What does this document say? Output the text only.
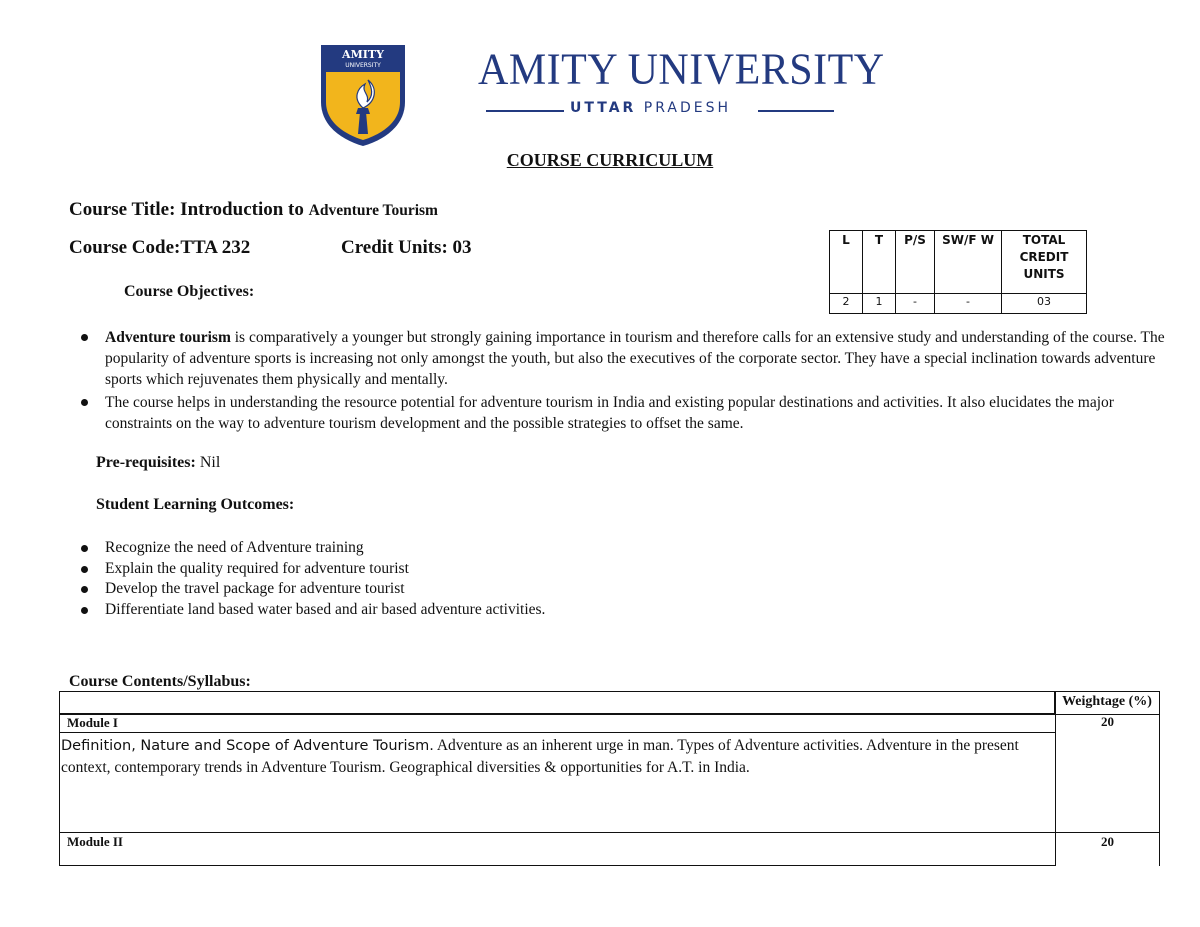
AMITY
UNIVERSITY AMITY UNIVERSITY
UTTAR PRADESH
COURSE CURRICULUM
Course Title: Introduction to Adventure Tourism
Course Code:TTA 232	Credit Units: 03
Course Objectives:
L	T	P/S	SW/F W	TOTAL CREDIT UNITS
2	1	-	-	03
Adventure tourism is comparatively a younger but strongly gaining importance in tourism and therefore calls for an extensive study and understanding of the course. The popularity of adventure sports is increasing not only amongst the youth, but also the executives of the corporate sector. They have a special inclination towards adventure sports which rejuvenates them physically and mentally.
The course helps in understanding the resource potential for adventure tourism in India and existing popular destinations and activities. It also elucidates the major constraints on the way to adventure tourism development and the possible strategies to offset the same.
Pre-requisites: Nil
Student Learning Outcomes:
Recognize the need of Adventure training
Explain the quality required for adventure tourist
Develop the travel package for adventure tourist
Differentiate land based water based and air based adventure activities.
Course Contents/Syllabus:
Weightage (%)
Module I	20
Definition, Nature and Scope of Adventure Tourism. Adventure as an inherent urge in man. Types of Adventure activities. Adventure in the present context, contemporary trends in Adventure Tourism. Geographical diversities & opportunities for A.T. in India.
Module II	20
